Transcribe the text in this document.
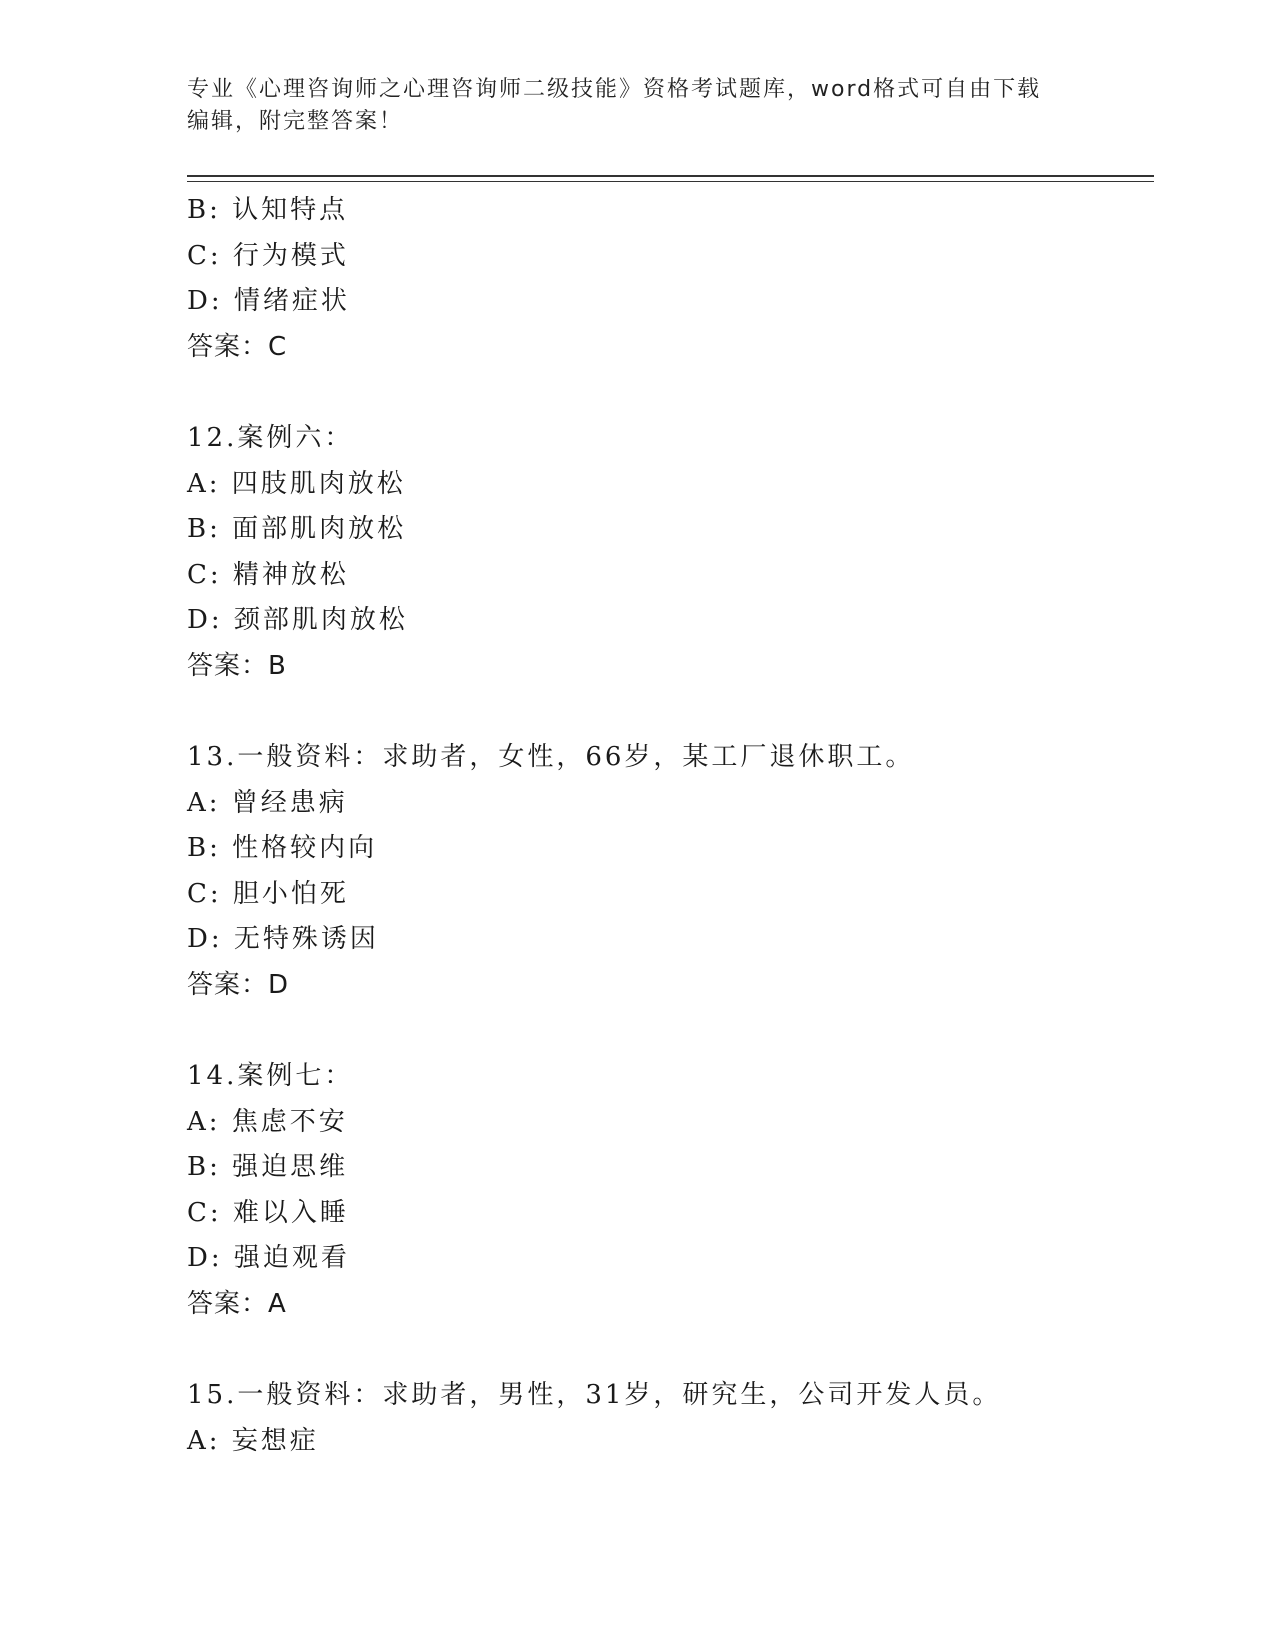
专业《心理咨询师之心理咨询师二级技能》资格考试题库，word格式可自由下载
编辑，附完整答案！
B: 认知特点
C: 行为模式
D: 情绪症状
答案：C
12.案例六：
A: 四肢肌肉放松
B: 面部肌肉放松
C: 精神放松
D: 颈部肌肉放松
答案：B
13.一般资料：求助者，女性，66岁，某工厂退休职工。
A: 曾经患病
B: 性格较内向
C: 胆小怕死
D: 无特殊诱因
答案：D
14.案例七：
A: 焦虑不安
B: 强迫思维
C: 难以入睡
D: 强迫观看
答案：A
15.一般资料：求助者，男性，31岁，研究生，公司开发人员。
A: 妄想症
